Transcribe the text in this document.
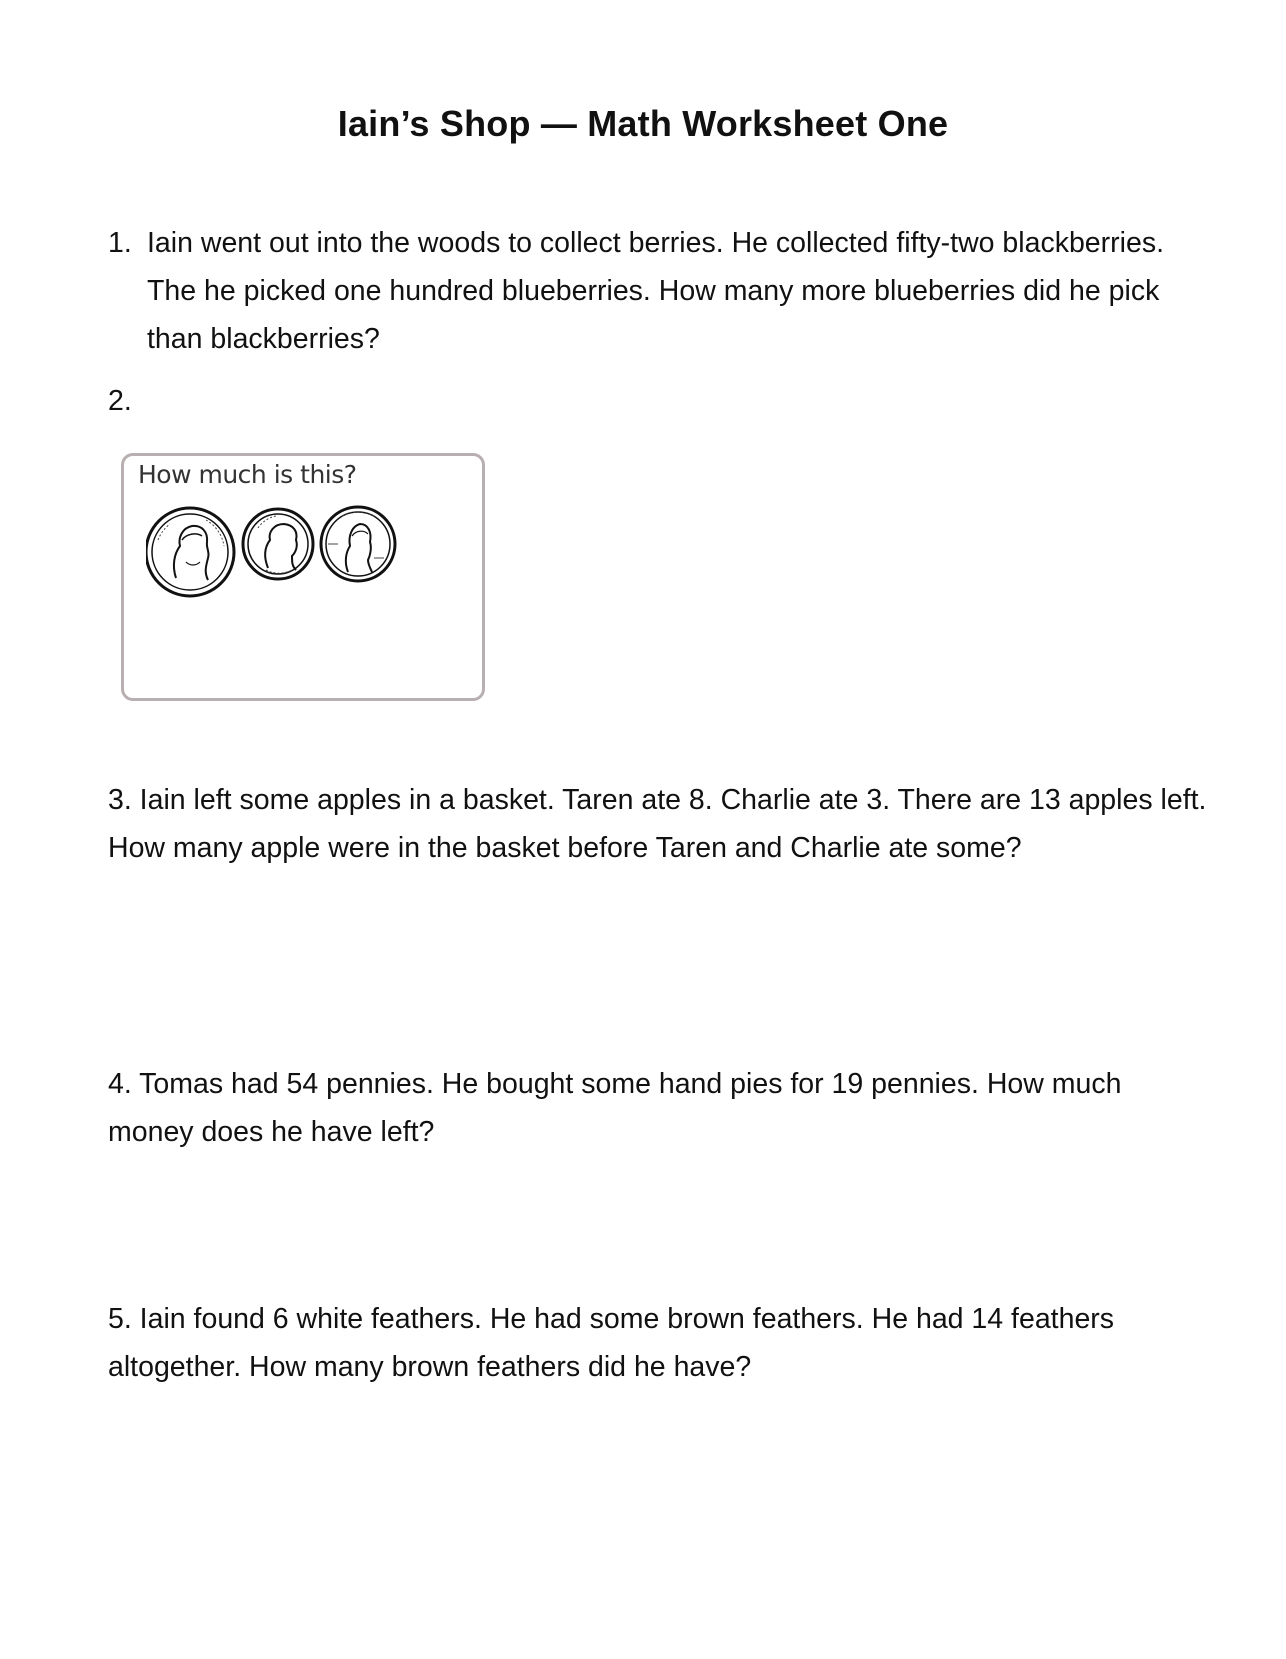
Iain’s Shop — Math Worksheet One
1. Iain went out into the woods to collect berries. He collected fifty-two blackberries. The he picked one hundred blueberries. How many more blueberries did he pick than blackberries?
2.
How much is this?
3. Iain left some apples in a basket. Taren ate 8. Charlie ate 3. There are 13 apples left. How many apple were in the basket before Taren and Charlie ate some?
4. Tomas had 54 pennies. He bought some hand pies for 19 pennies. How much money does he have left?
5. Iain found 6 white feathers. He had some brown feathers. He had 14 feathers altogether. How many brown feathers did he have?
